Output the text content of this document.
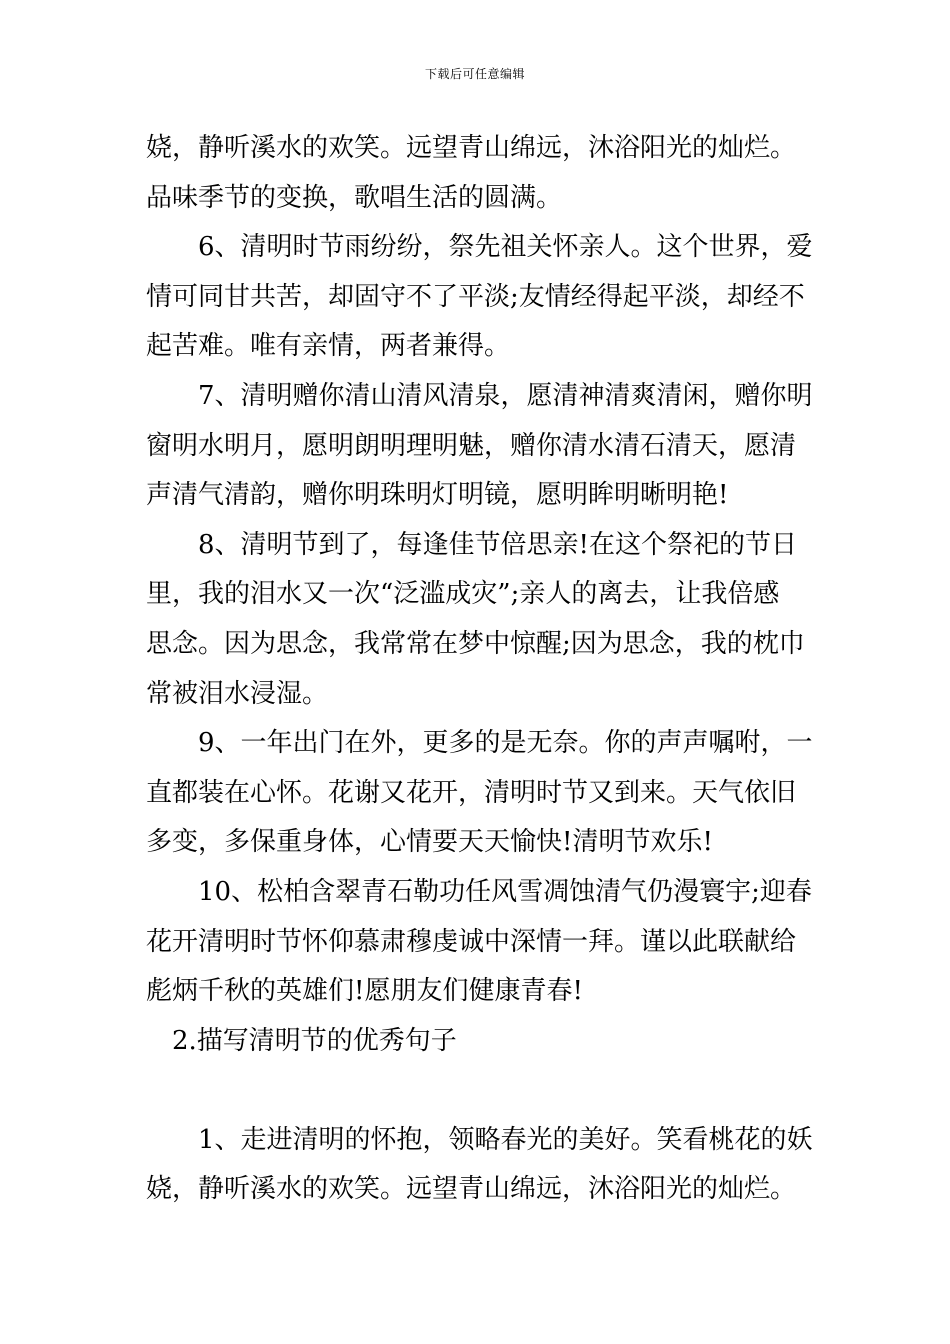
下载后可任意编辑
娆，静听溪水的欢笑。远望青山绵远，沐浴阳光的灿烂。
品味季节的变换，歌唱生活的圆满。
6、清明时节雨纷纷，祭先祖关怀亲人。这个世界，爱
情可同甘共苦，却固守不了平淡;友情经得起平淡，却经不
起苦难。唯有亲情，两者兼得。
7、清明赠你清山清风清泉，愿清神清爽清闲，赠你明
窗明水明月，愿明朗明理明魅，赠你清水清石清天，愿清
声清气清韵，赠你明珠明灯明镜，愿明眸明晰明艳!
8、清明节到了，每逢佳节倍思亲!在这个祭祀的节日
里，我的泪水又一次“泛滥成灾”;亲人的离去，让我倍感
思念。因为思念，我常常在梦中惊醒;因为思念，我的枕巾
常被泪水浸湿。
9、一年出门在外，更多的是无奈。你的声声嘱咐，一
直都装在心怀。花谢又花开，清明时节又到来。天气依旧
多变，多保重身体，心情要天天愉快!清明节欢乐!
10、松柏含翠青石勒功任风雪凋蚀清气仍漫寰宇;迎春
花开清明时节怀仰慕肃穆虔诚中深情一拜。谨以此联献给
彪炳千秋的英雄们!愿朋友们健康青春!
2.描写清明节的优秀句子
1、走进清明的怀抱，领略春光的美好。笑看桃花的妖
娆，静听溪水的欢笑。远望青山绵远，沐浴阳光的灿烂。
